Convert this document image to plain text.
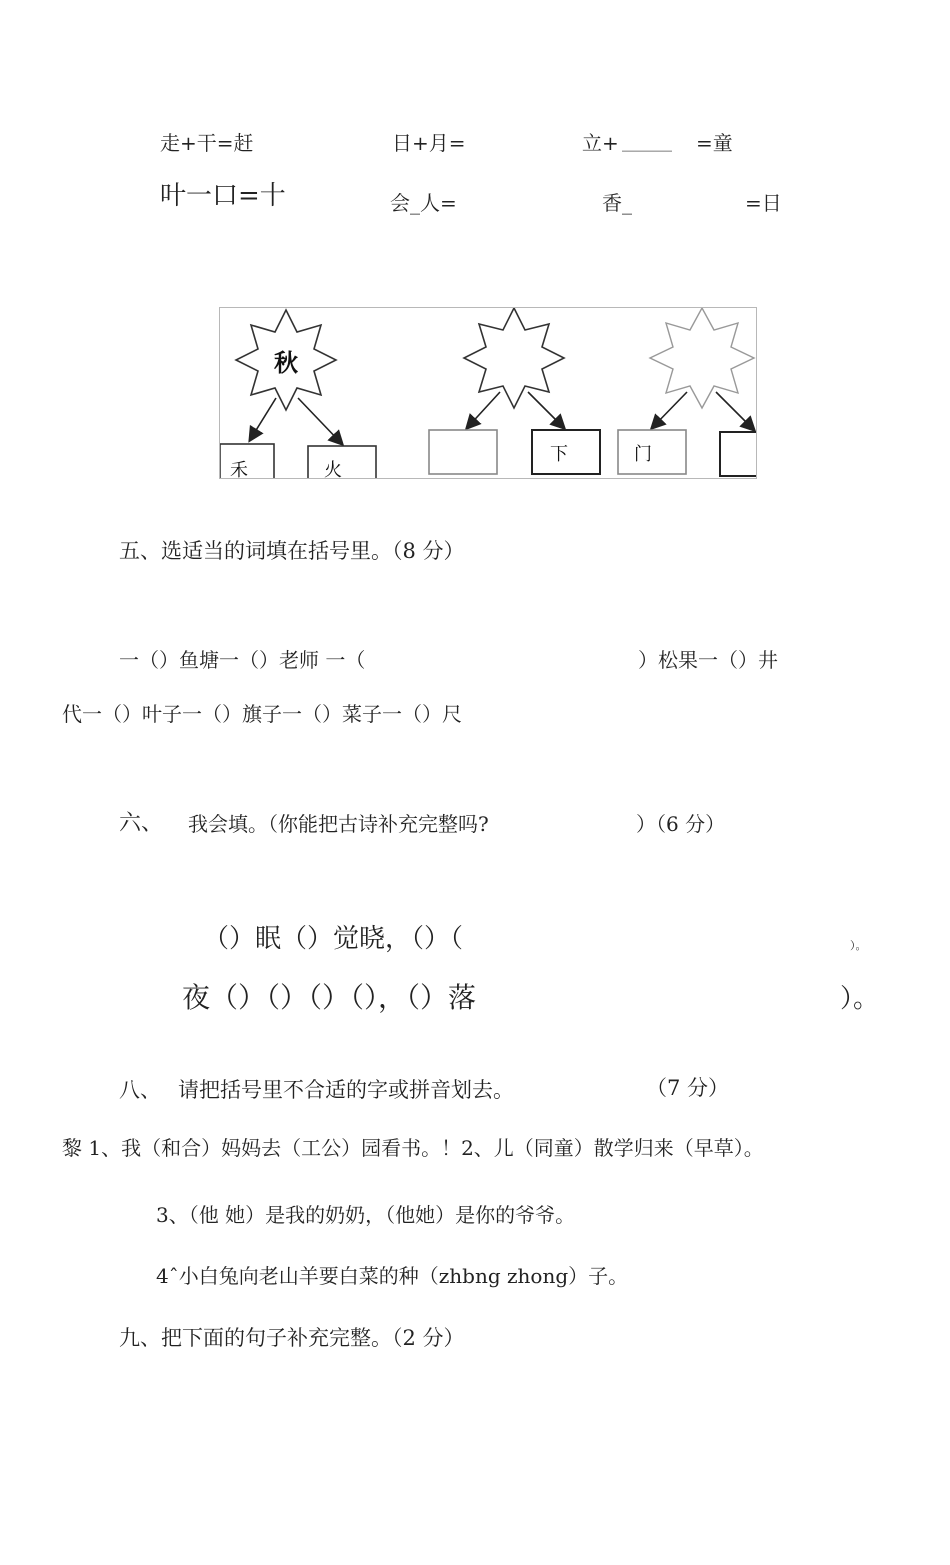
走+干=赶	日+月=	立+ _____ =童
叶一口=十	会_人=	香_	=日
秋
禾	火
下	门
五、选适当的词填在括号里。（8 分）
一（）鱼塘一（）老师 一（	）松果一（）井
代一（）叶子一（）旗子一（）菜子一（）尺
六、 我会填。（你能把古诗补充完整吗?	）（6 分）
（）眠（）觉晓，（）（	）。
夜（）（）（）（），（）落	）。
八、 请把括号里不合适的字或拼音划去。	（7 分）
黎 1、我（和合）妈妈去（工公）园看书。！2、儿（同童）散学归来（早草）。
3、（他 她）是我的奶奶，（他她）是你的爷爷。
4ˆ小白兔向老山羊要白菜的种（zhbng zhong）子。
九、把下面的句子补充完整。（2 分）
